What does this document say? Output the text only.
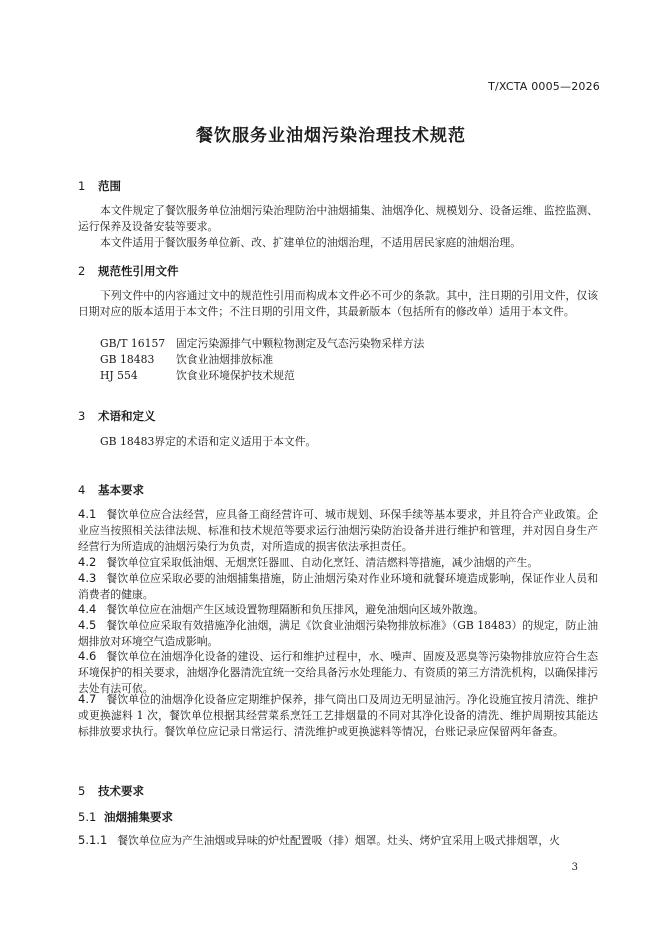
T/XCTA 0005—2026
餐饮服务业油烟污染治理技术规范
1 范围
本文件规定了餐饮服务单位油烟污染治理防治中油烟捕集、油烟净化、规模划分、设备运维、监控监测、运行保养及设备安装等要求。
本文件适用于餐饮服务单位新、改、扩建单位的油烟治理，不适用居民家庭的油烟治理。
2 规范性引用文件
下列文件中的内容通过文中的规范性引用而构成本文件必不可少的条款。其中，注日期的引用文件，仅该日期对应的版本适用于本文件；不注日期的引用文件，其最新版本（包括所有的修改单）适用于本文件。
GB/T 16157 固定污染源排气中颗粒物测定及气态污染物采样方法
GB 18483 饮食业油烟排放标准
HJ 554	饮食业环境保护技术规范
3 术语和定义
GB 18483界定的术语和定义适用于本文件。
4 基本要求
4.1 餐饮单位应合法经营，应具备工商经营许可、城市规划、环保手续等基本要求，并且符合产业政策。企业应当按照相关法律法规、标准和技术规范等要求运行油烟污染防治设备并进行维护和管理，并对因自身生产经营行为所造成的油烟污染行为负责，对所造成的损害依法承担责任。
4.2 餐饮单位宜采取低油烟、无烟烹饪器皿、自动化烹饪、清洁燃料等措施，减少油烟的产生。
4.3 餐饮单位应采取必要的油烟捕集措施，防止油烟污染对作业环境和就餐环境造成影响，保证作业人员和消费者的健康。
4.4 餐饮单位应在油烟产生区域设置物理隔断和负压排风，避免油烟向区域外散逸。
4.5 餐饮单位应采取有效措施净化油烟，满足《饮食业油烟污染物排放标准》（GB 18483）的规定，防止油烟排放对环境空气造成影响。
4.6 餐饮单位在油烟净化设备的建设、运行和维护过程中，水、噪声、固废及恶臭等污染物排放应符合生态环境保护的相关要求，油烟净化器清洗宜统一交给具备污水处理能力、有资质的第三方清洗机构，以确保排污去处有法可依。
4.7 餐饮单位的油烟净化设备应定期维护保养，排气筒出口及周边无明显油污。净化设施宜按月清洗、维护或更换滤料 1 次，餐饮单位根据其经营菜系烹饪工艺排烟量的不同对其净化设备的清洗、维护周期按其能达标排放要求执行。餐饮单位应记录日常运行、清洗维护或更换滤料等情况，台账记录应保留两年备查。
5 技术要求
5.1 油烟捕集要求
5.1.1 餐饮单位应为产生油烟或异味的炉灶配置吸（排）烟罩。灶头、烤炉宜采用上吸式排烟罩，火
3
